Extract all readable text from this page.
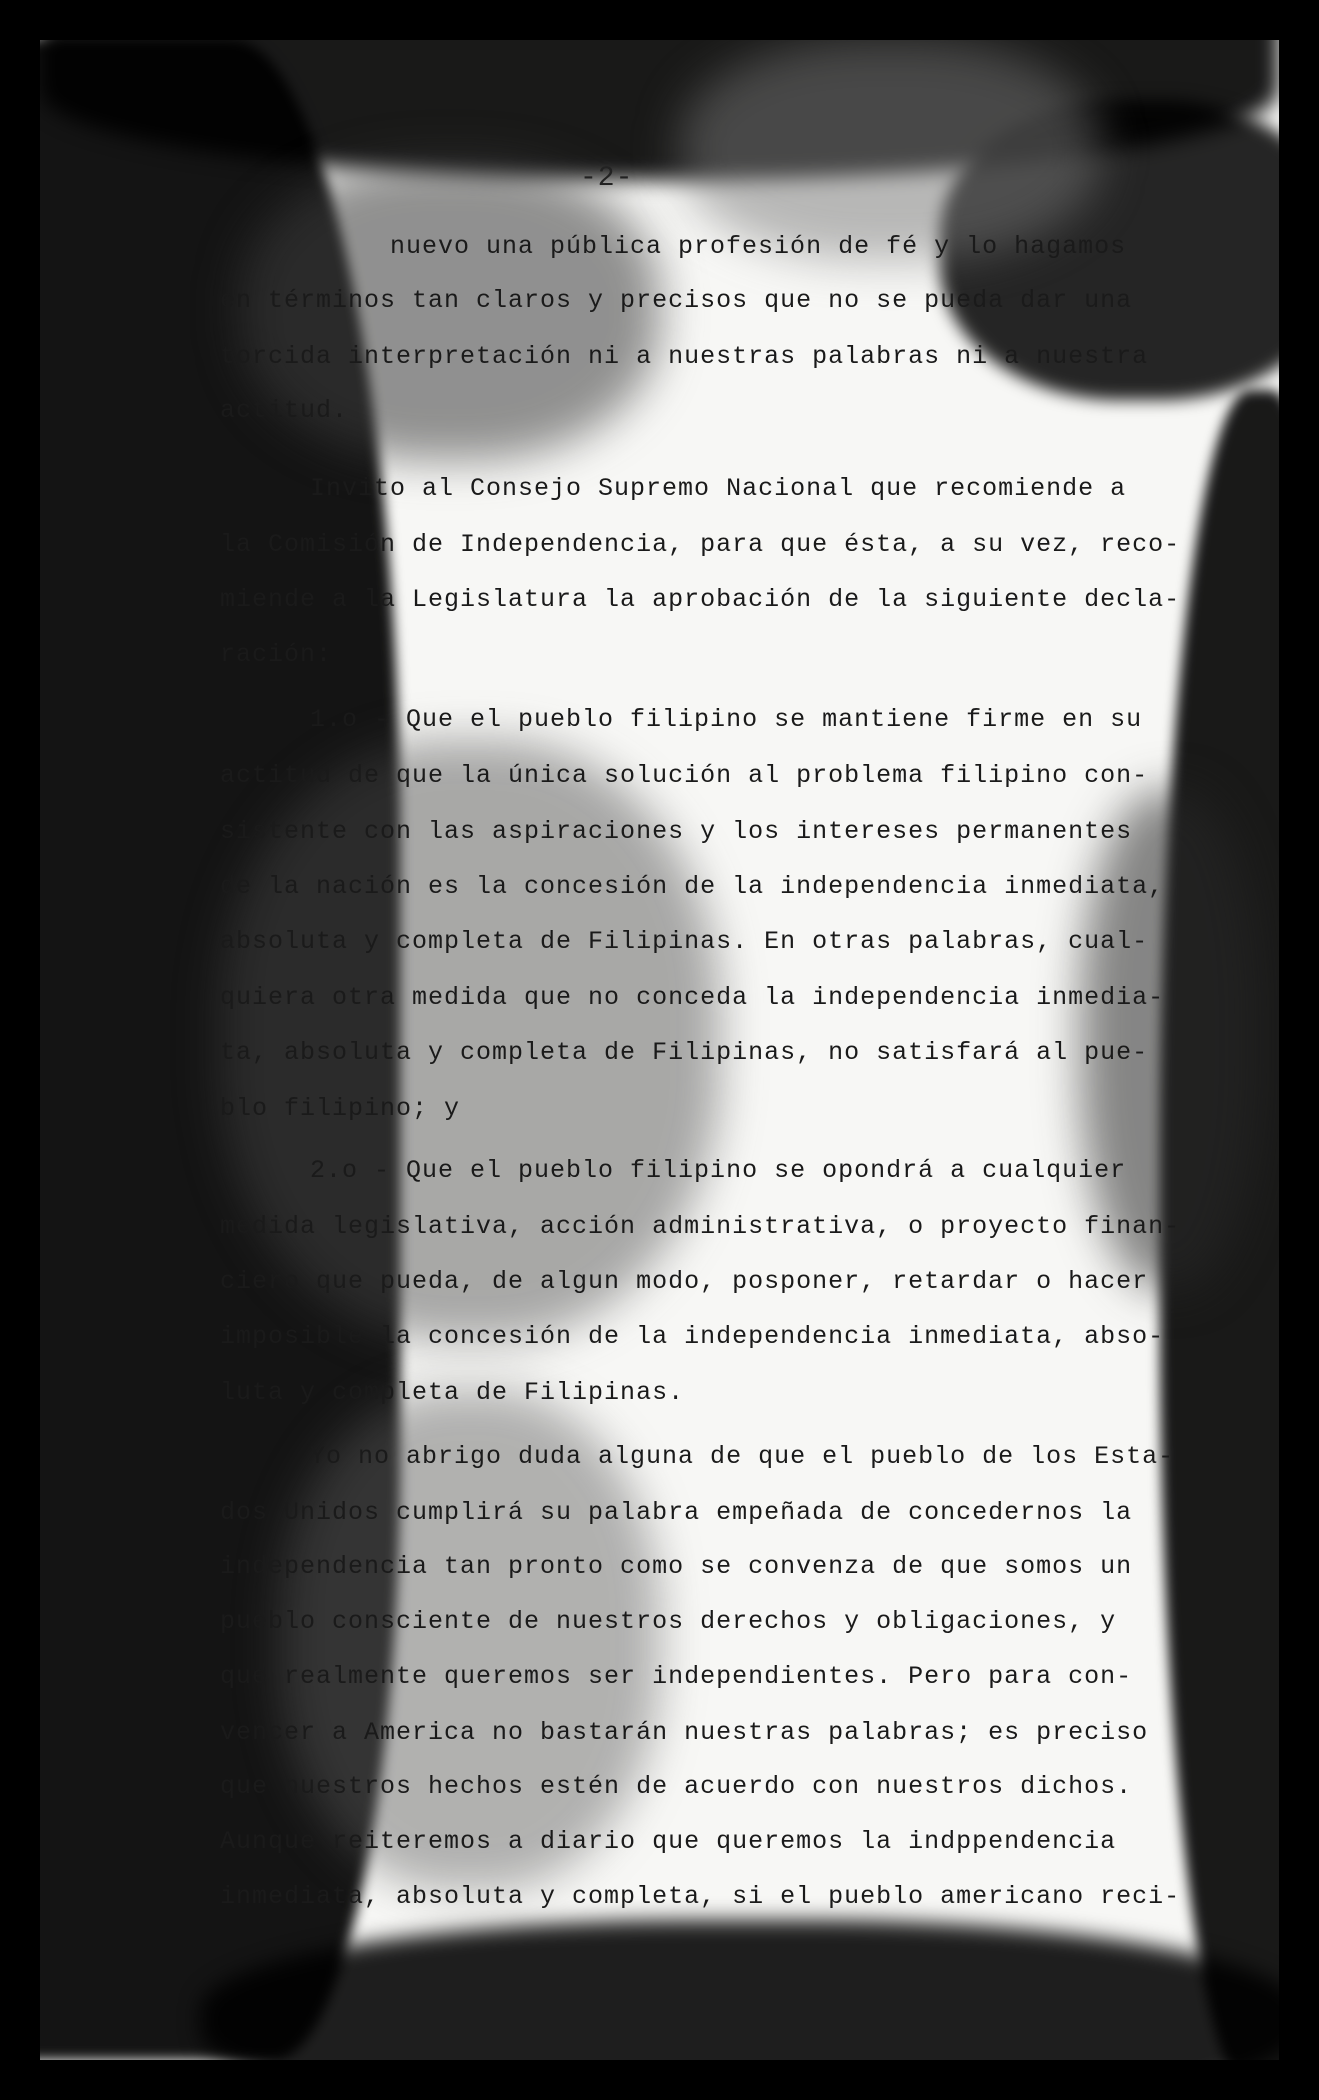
-2-
nuevo una pública profesión de fé y lo hagamos
en términos tan claros y precisos que no se pueda dar una
torcida interpretación ni a nuestras palabras ni a nuestra
actitud.
Invito al Consejo Supremo Nacional que recomiende a
la Comisión de Independencia, para que ésta, a su vez, reco-
miende a la Legislatura la aprobación de la siguiente decla-
ración:
1.o - Que el pueblo filipino se mantiene firme en su
actitud de que la única solución al problema filipino con-
sistente con las aspiraciones y los intereses permanentes
de la nación es la concesión de la independencia inmediata,
absoluta y completa de Filipinas. En otras palabras, cual-
quiera otra medida que no conceda la independencia inmedia-
ta, absoluta y completa de Filipinas, no satisfará al pue-
blo filipino; y
2.o - Que el pueblo filipino se opondrá a cualquier
medida legislativa, acción administrativa, o proyecto finan-
ciero que pueda, de algun modo, posponer, retardar o hacer
imposible la concesión de la independencia inmediata, abso-
luta y completa de Filipinas.
Yo no abrigo duda alguna de que el pueblo de los Esta-
dos Unidos cumplirá su palabra empeñada de concedernos la
independencia tan pronto como se convenza de que somos un
pueblo consciente de nuestros derechos y obligaciones, y
que realmente queremos ser independientes. Pero para con-
vencer a America no bastarán nuestras palabras; es preciso
que nuestros hechos estén de acuerdo con nuestros dichos.
Aunque reiteremos a diario que queremos la indppendencia
inmediata, absoluta y completa, si el pueblo americano reci-
